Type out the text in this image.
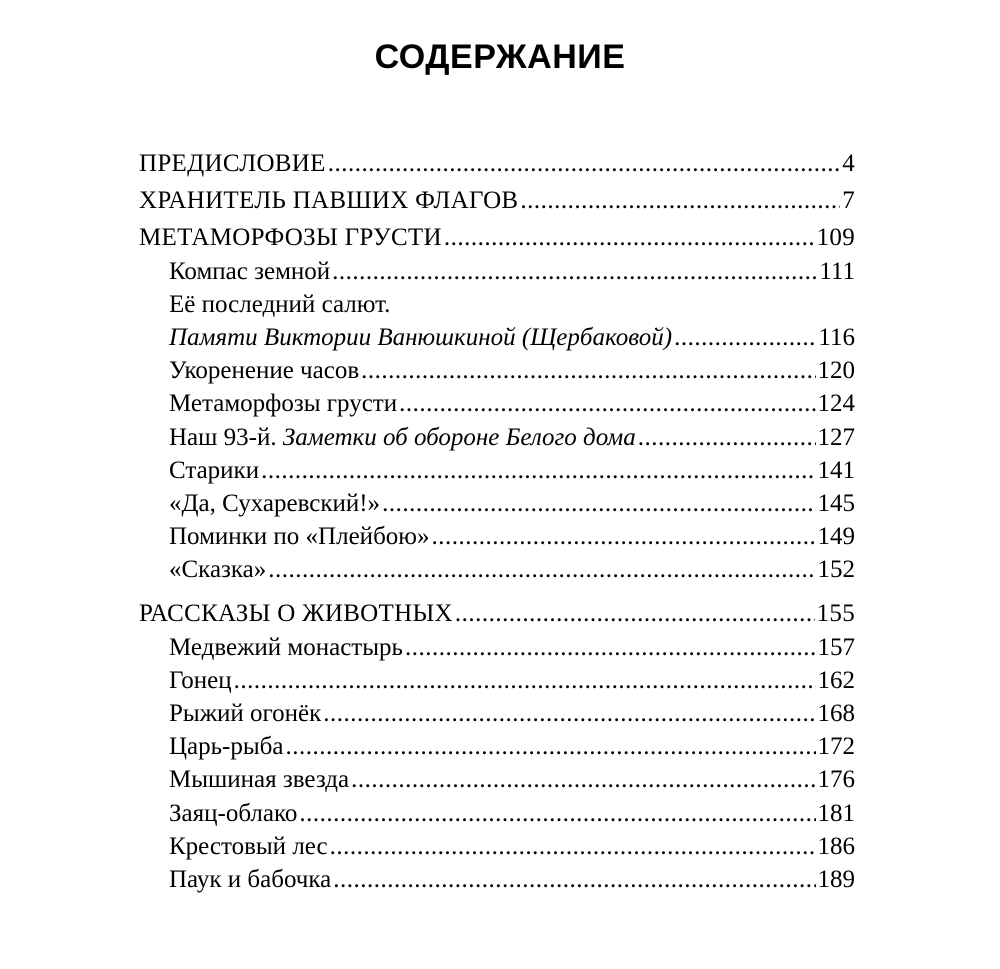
СОДЕРЖАНИЕ
ПРЕДИСЛОВИЕ .....	4
ХРАНИТЕЛЬ ПАВШИХ ФЛАГОВ .....	7
МЕТАМОРФОЗЫ ГРУСТИ .....	109
Компас земной .....	111
Её последний салют.
Памяти Виктории Ванюшкиной (Щербаковой) .....	116
Укоренение часов .....	120
Метаморфозы грусти .....	124
Наш 93-й. Заметки об обороне Белого дома .....	127
Старики .....	141
«Да, Сухаревский!» .....	145
Поминки по «Плейбою» .....	149
«Сказка» .....	152
РАССКАЗЫ О ЖИВОТНЫХ .....	155
Медвежий монастырь .....	157
Гонец .....	162
Рыжий огонёк .....	168
Царь-рыба .....	172
Мышиная звезда .....	176
Заяц-облако .....	181
Крестовый лес .....	186
Паук и бабочка .....	189
